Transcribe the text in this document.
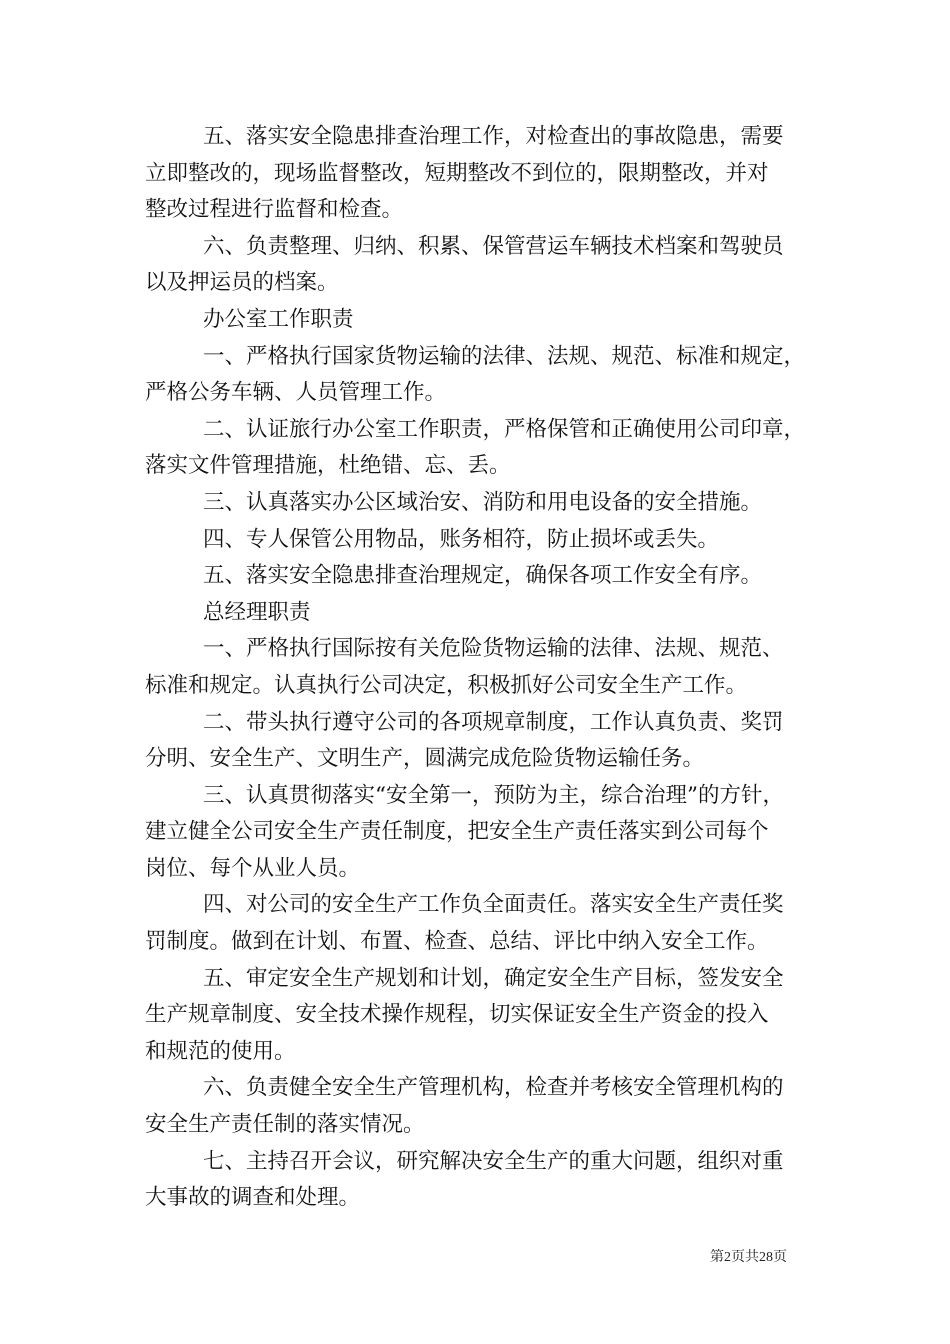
五、落实安全隐患排查治理工作，对检查出的事故隐患，需要
立即整改的，现场监督整改，短期整改不到位的，限期整改，并对
整改过程进行监督和检查。
六、负责整理、归纳、积累、保管营运车辆技术档案和驾驶员
以及押运员的档案。
办公室工作职责
一、严格执行国家货物运输的法律、法规、规范、标准和规定，
严格公务车辆、人员管理工作。
二、认证旅行办公室工作职责，严格保管和正确使用公司印章，
落实文件管理措施，杜绝错、忘、丢。
三、认真落实办公区域治安、消防和用电设备的安全措施。
四、专人保管公用物品，账务相符，防止损坏或丢失。
五、落实安全隐患排查治理规定，确保各项工作安全有序。
总经理职责
一、严格执行国际按有关危险货物运输的法律、法规、规范、
标准和规定。认真执行公司决定，积极抓好公司安全生产工作。
二、带头执行遵守公司的各项规章制度，工作认真负责、奖罚
分明、安全生产、文明生产，圆满完成危险货物运输任务。
三、认真贯彻落实“安全第一，预防为主，综合治理”的方针，
建立健全公司安全生产责任制度，把安全生产责任落实到公司每个
岗位、每个从业人员。
四、对公司的安全生产工作负全面责任。落实安全生产责任奖
罚制度。做到在计划、布置、检查、总结、评比中纳入安全工作。
五、审定安全生产规划和计划，确定安全生产目标，签发安全
生产规章制度、安全技术操作规程，切实保证安全生产资金的投入
和规范的使用。
六、负责健全安全生产管理机构，检查并考核安全管理机构的
安全生产责任制的落实情况。
七、主持召开会议，研究解决安全生产的重大问题，组织对重
大事故的调查和处理。
第2页共28页
